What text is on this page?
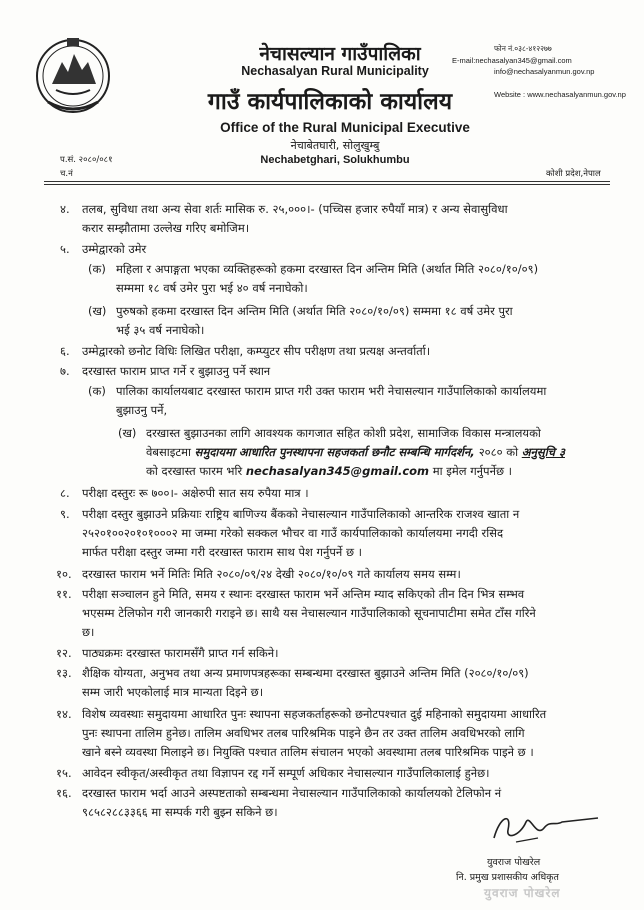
नेचासल्यान गाउँपालिका
Nechasalyan Rural Municipality
गाउँ कार्यपालिकाको कार्यालय
Office of the Rural Municipal Executive
नेचाबेतघारी, सोलुखुम्बु
Nechabetghari, Solukhumbu
फोन नं.०३८-४१२२७७
E-mail:nechasalyan345@gmail.com
info@nechasalyanmun.gov.np
Website : www.nechasalyanmun.gov.np
प.सं. २०८०/०८१
च.नं	कोशी प्रदेश,नेपाल
४. तलब, सुविधा तथा अन्य सेवा शर्तः मासिक रु. २५,०००।- (पच्चिस हजार रुपैयाँ मात्र) र अन्य सेवासुविधा
करार सम्झौतामा उल्लेख गरिए बमोजिम।
५. उम्मेद्वारको उमेर
(क) महिला र अपाङ्गता भएका व्यक्तिहरूको हकमा दरखास्त दिन अन्तिम मिति (अर्थात मिति २०८०/१०/०९)
सम्ममा १८ वर्ष उमेर पुरा भई ४० वर्ष ननाघेको।
(ख) पुरुषको हकमा दरखास्त दिन अन्तिम मिति (अर्थात मिति २०८०/१०/०९) सम्ममा १८ वर्ष उमेर पुरा
भई ३५ वर्ष ननाघेको।
६. उम्मेद्वारको छनोट विधिः लिखित परीक्षा, कम्प्युटर सीप परीक्षण तथा प्रत्यक्ष अन्तर्वार्ता।
७. दरखास्त फाराम प्राप्त गर्ने र बुझाउनु पर्ने स्थान
(क) पालिका कार्यालयबाट दरखास्त फाराम प्राप्त गरी उक्त फाराम भरी नेचासल्यान गाउँपालिकाको कार्यालयमा
बुझाउनु पर्ने,
(ख) दरखास्त बुझाउनका लागि आवश्यक कागजात सहित कोशी प्रदेश, सामाजिक विकास मन्त्रालयको
वेबसाइटमा समुदायमा आधारित पुनस्थापना सहजकर्ता छनौट सम्बन्धि मार्गदर्शन, २०८० को अनुसुचि ३
को दरखास्त फारम भरि nechasalyan345@gmail.com मा इमेल गर्नुपर्नेछ ।
८. परीक्षा दस्तुरः रू ७००।- अक्षेरुपी सात सय रुपैया मात्र ।
९. परीक्षा दस्तुर बुझाउने प्रक्रियाः राष्ट्रिय बाणिज्य बैंकको नेचासल्यान गाउँपालिकाको आन्तरिक राजश्व खाता न
२५२०१००२०१०१०००२ मा जम्मा गरेको सक्कल भौचर वा गाउँ कार्यपालिकाको कार्यालयमा नगदी रसिद
मार्फत परीक्षा दस्तुर जम्मा गरी दरखास्त फाराम साथ पेश गर्नुपर्ने छ ।
१०. दरखास्त फाराम भर्ने मितिः मिति २०८०/०९/२४ देखी २०८०/१०/०९ गते कार्यालय समय सम्म।
११. परीक्षा सञ्चालन हुने मिति, समय र स्थानः दरखास्त फाराम भर्ने अन्तिम म्याद सकिएको तीन दिन भित्र सम्भव
भएसम्म टेलिफोन गरी जानकारी गराइने छ। साथै यस नेचासल्यान गाउँपालिकाको सूचनापाटीमा समेत टाँस गरिने
छ।
१२. पाठ्यक्रमः दरखास्त फारामसँगै प्राप्त गर्न सकिने।
१३. शैक्षिक योग्यता, अनुभव तथा अन्य प्रमाणपत्रहरूका सम्बन्धमा दरखास्त बुझाउने अन्तिम मिति (२०८०/१०/०९)
सम्म जारी भएकोलाई मात्र मान्यता दिइने छ।
१४. विशेष व्यवस्थाः समुदायमा आधारित पुनः स्थापना सहजकर्ताहरूको छनोटपश्चात दुई महिनाको समुदायमा आधारित
पुनः स्थापना तालिम हुनेछ। तालिम अवधिभर तलब पारिश्रमिक पाइने छैन तर उक्त तालिम अवधिभरको लागि
खाने बस्ने व्यवस्था मिलाइने छ। नियुक्ति पश्चात तालिम संचालन भएको अवस्थामा तलब पारिश्रमिक पाइने छ ।
१५. आवेदन स्वीकृत/अस्वीकृत तथा विज्ञापन रद्द गर्ने सम्पूर्ण अधिकार नेचासल्यान गाउँपालिकालाई हुनेछ।
१६. दरखास्त फाराम भर्दा आउने अस्पष्टताको सम्बन्धमा नेचासल्यान गाउँपालिकाको कार्यालयको टेलिफोन नं
९८५८२८८३३६६ मा सम्पर्क गरी बुझ्न सकिने छ।
युवराज पोखरेल
नि. प्रमुख प्रशासकीय अधिकृत
युवराज पोखरेल
